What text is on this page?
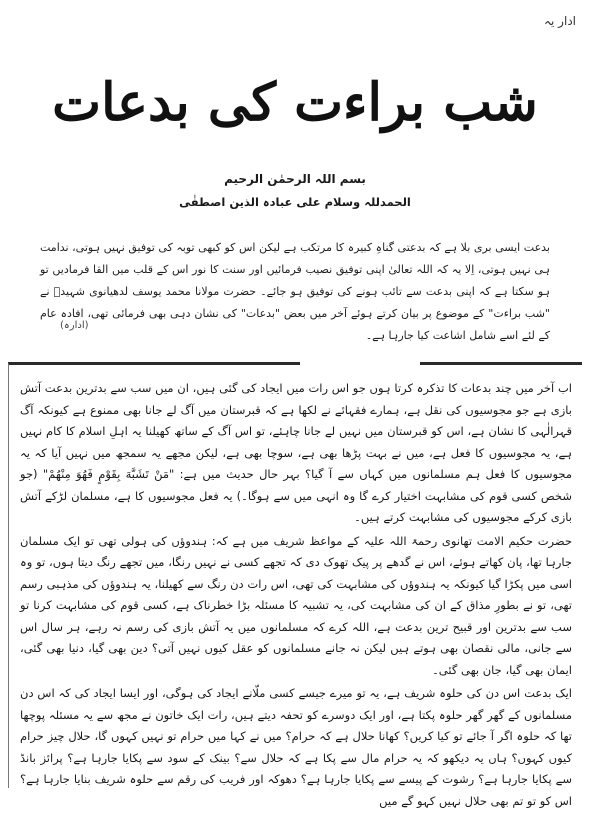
ادار یہ
شب براءت کی بدعات
بسم اللہ الرحمٰن الرحیم
الحمدللہ وسلام علی عبادہ الذین اصطفٰی
بدعت ایسی بری بلا ہے کہ بدعتی گناہِ کبیرہ کا مرتکب ہے لیکن اس کو کبھی توبہ کی توفیق نہیں ہوتی، ندامت ہی نہیں ہوتی، اِلا یہ کہ اللہ تعالیٰ اپنی توفیق نصیب فرمائیں اور سنت کا نور اس کے قلب میں القا فرمادیں تو ہو سکتا ہے کہ اپنی بدعت سے تائب ہونے کی توفیق ہو جائے۔ حضرت مولانا محمد یوسف لدھیانوی شہیدؒ نے "شب براءت" کے موضوع پر بیان کرتے ہوئے آخر میں بعض "بدعات" کی نشان دہی بھی فرمائی تھی، افادہ عام کے لئے اسے شامل اشاعت کیا جارہا ہے۔
(ادارہ)

اب آخر میں چند بدعات کا تذکرہ کرتا ہوں جو اس رات میں ایجاد کی گئی ہیں، ان میں سب سے بدترین بدعت آتش بازی ہے جو مجوسیوں کی نقل ہے، ہمارے فقہائے نے لکھا ہے کہ قبرستان میں آگ لے جانا بھی ممنوع ہے کیونکہ آگ قہرالٰہی کا نشان ہے، اس کو قبرستان میں نہیں لے جانا چاہئے، تو اس آگ کے ساتھ کھیلنا یہ اہلِ اسلام کا کام نہیں ہے، یہ مجوسیوں کا فعل ہے، میں نے بہت پڑھا بھی ہے، سوچا بھی ہے، لیکن مجھے یہ سمجھ میں نہیں آیا کہ یہ مجوسیوں کا فعل ہم مسلمانوں میں کہاں سے آ گیا؟ بہر حال حدیث میں ہے: "مَنْ تَشَبَّهَ بِقَوْمٍ فَهُوَ مِنْهُمْ" (جو شخص کسی قوم کی مشابہت اختیار کرے گا وہ انہی میں سے ہوگا۔) یہ فعل مجوسیوں کا ہے، مسلمان لڑکے آتش بازی کرکے مجوسیوں کی مشابہت کرتے ہیں۔

حضرت حکیم الامت تھانوی رحمۃ اللہ علیہ کے مواعظ شریف میں ہے کہ: ہندوؤں کی ہولی تھی تو ایک مسلمان جارہا تھا، پان کھاتے ہوئے، اس نے گدھے پر پیک تھوک دی کہ تجھے کسی نے نہیں رنگا، میں تجھے رنگ دیتا ہوں، تو وہ اسی میں پکڑا گیا کیونکہ یہ ہندوؤں کی مشابہت کی تھی، اس رات دن رنگ سے کھیلنا، یہ ہندوؤں کی مذہبی رسم تھی، تو نے بطورِ مذاق کے ان کی مشابہت کی، یہ تشبیہ کا مسئلہ بڑا خطرناک ہے، کسی قوم کی مشابہت کرنا تو سب سے بدترین اور قبیح ترین بدعت ہے، اللہ کرے کہ مسلمانوں میں یہ آتش بازی کی رسم نہ رہے، ہر سال اس سے جانی، مالی نقصان بھی ہوتے ہیں لیکن نہ جانے مسلمانوں کو عقل کیوں نہیں آتی؟ دین بھی گیا، دنیا بھی گئی، ایمان بھی گیا، جان بھی گئی۔

ایک بدعت اس دن کی حلوہ شریف ہے، یہ تو میرے جیسے کسی ملّانے ایجاد کی ہوگی، اور ایسا ایجاد کی کہ اس دن مسلمانوں کے گھر گھر حلوہ پکتا ہے، اور ایک دوسرے کو تحفہ دیتے ہیں، رات ایک خاتون نے مجھ سے یہ مسئلہ پوچھا تھا کہ حلوہ اگر آ جائے تو کیا کریں؟ کھانا حلال ہے کہ حرام؟ میں نے کہا میں حرام تو نہیں کہوں گا، حلال چیز حرام کیوں کہوں؟ ہاں یہ دیکھو کہ یہ حرام مال سے پکا ہے کہ حلال سے؟ بینک کے سود سے پکایا جارہا ہے؟ پرائز بانڈ سے پکایا جارہا ہے؟ رشوت کے پیسے سے پکایا جارہا ہے؟ دھوکہ اور فریب کی رقم سے حلوہ شریف بنایا جارہا ہے؟ اس کو تو تم بھی حلال نہیں کہو گے میں
